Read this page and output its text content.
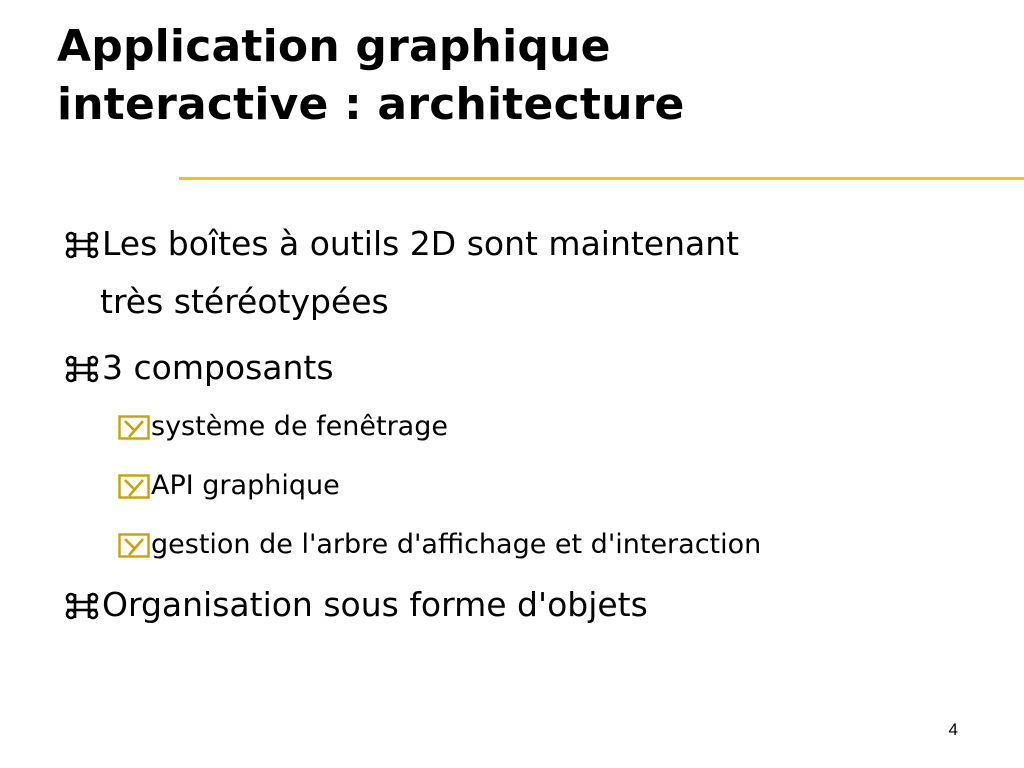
Application graphique
interactive : architecture
Les boîtes à outils 2D sont maintenant
très stéréotypées
3 composants
système de fenêtrage
API graphique
gestion de l'arbre d'affichage et d'interaction
Organisation sous forme d'objets
4
